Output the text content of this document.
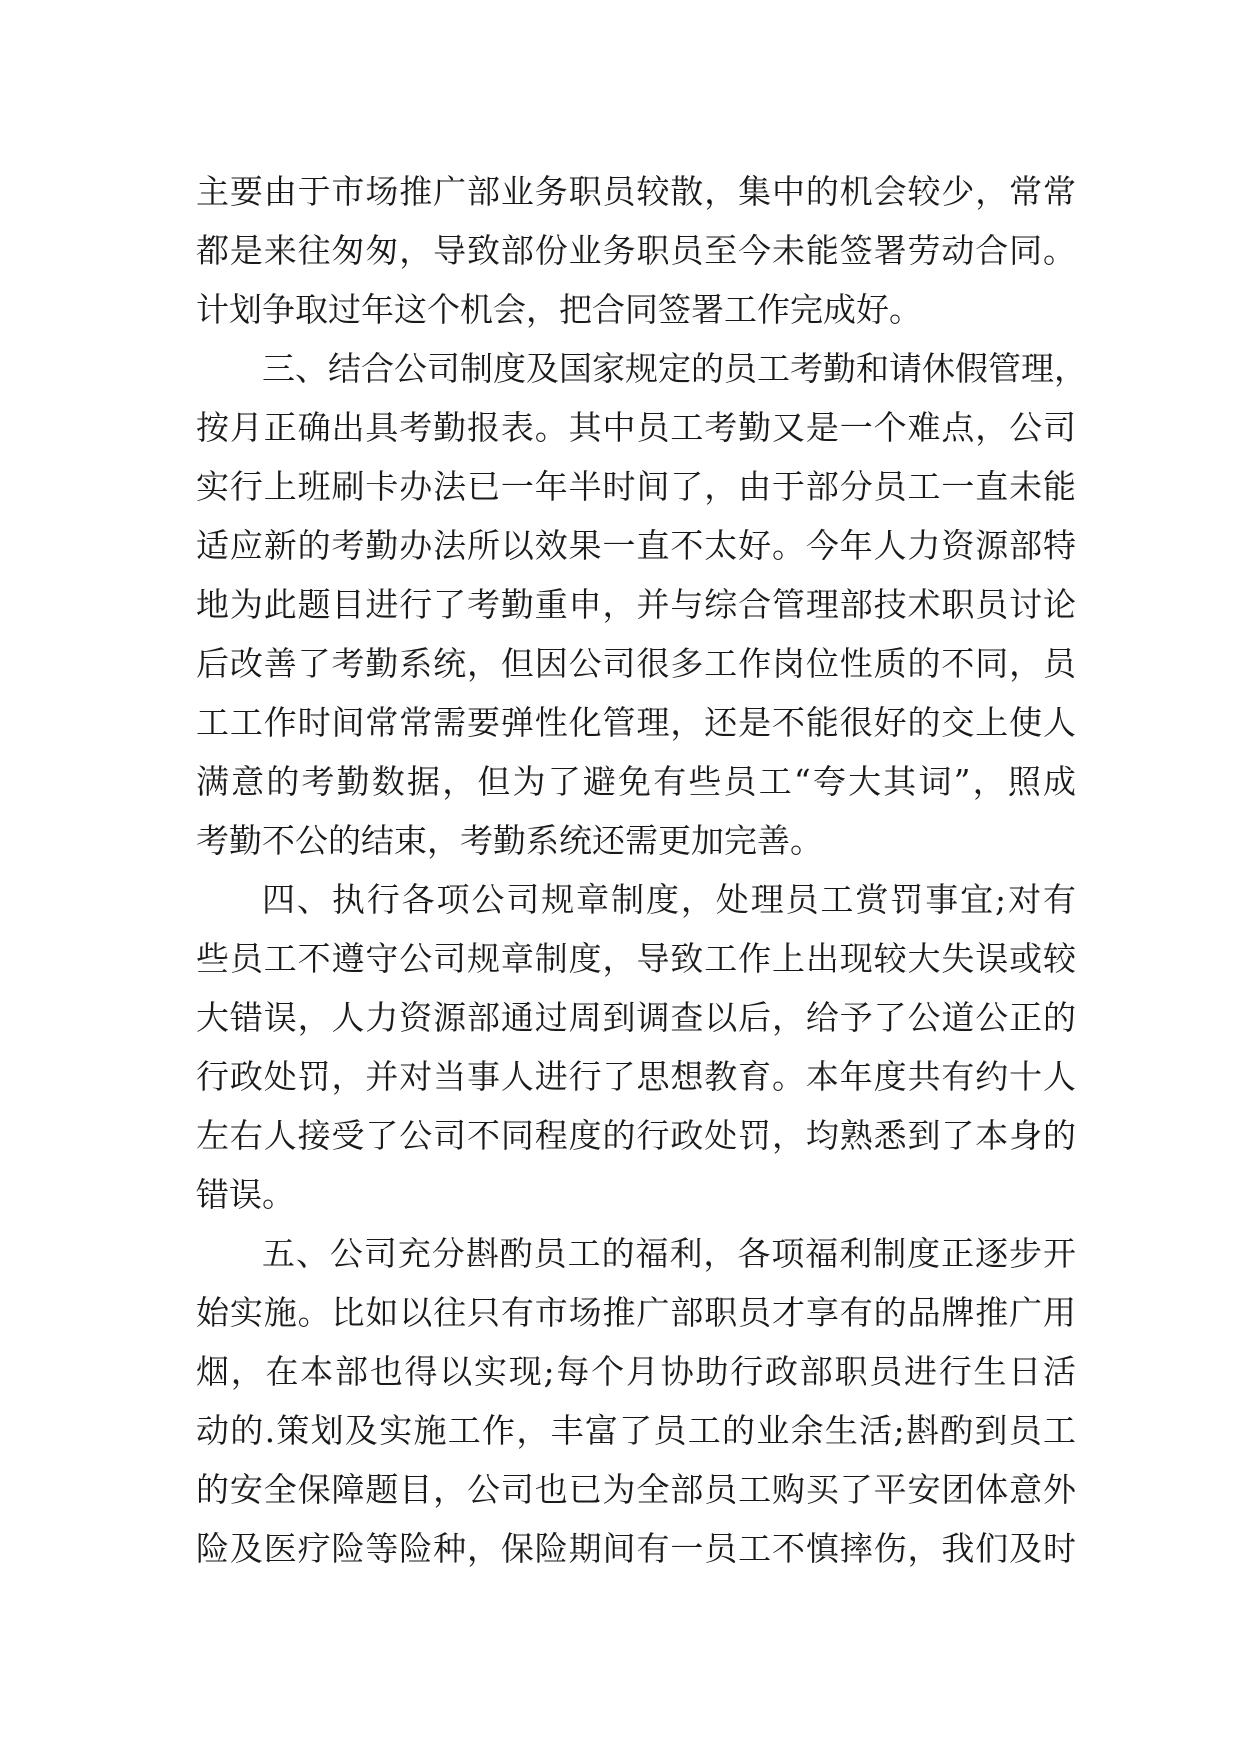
主要由于市场推广部业务职员较散，集中的机会较少，常常
都是来往匆匆，导致部份业务职员至今未能签署劳动合同。
计划争取过年这个机会，把合同签署工作完成好。
三、结合公司制度及国家规定的员工考勤和请休假管理，
按月正确出具考勤报表。其中员工考勤又是一个难点，公司
实行上班刷卡办法已一年半时间了，由于部分员工一直未能
适应新的考勤办法所以效果一直不太好。今年人力资源部特
地为此题目进行了考勤重申，并与综合管理部技术职员讨论
后改善了考勤系统，但因公司很多工作岗位性质的不同，员
工工作时间常常需要弹性化管理，还是不能很好的交上使人
满意的考勤数据，但为了避免有些员工“夸大其词”，照成
考勤不公的结束，考勤系统还需更加完善。
四、执行各项公司规章制度，处理员工赏罚事宜;对有
些员工不遵守公司规章制度，导致工作上出现较大失误或较
大错误，人力资源部通过周到调查以后，给予了公道公正的
行政处罚，并对当事人进行了思想教育。本年度共有约十人
左右人接受了公司不同程度的行政处罚，均熟悉到了本身的
错误。
五、公司充分斟酌员工的福利，各项福利制度正逐步开
始实施。比如以往只有市场推广部职员才享有的品牌推广用
烟，在本部也得以实现;每个月协助行政部职员进行生日活
动的.策划及实施工作，丰富了员工的业余生活;斟酌到员工
的安全保障题目，公司也已为全部员工购买了平安团体意外
险及医疗险等险种，保险期间有一员工不慎摔伤，我们及时
